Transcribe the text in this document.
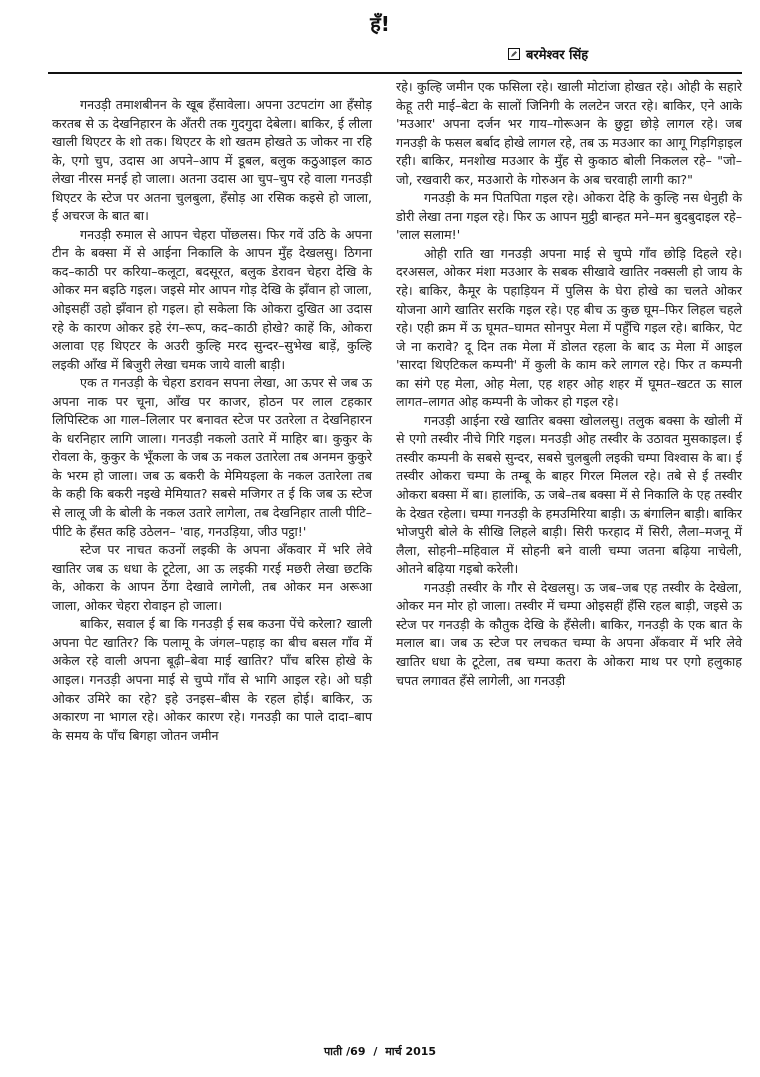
हँ!
बरमेश्वर सिंह

गनउड़ी तमाशबीनन के खूब हँसावेला। अपना उटपटांग आ हँसोड़ करतब से ऊ देखनिहारन के अँतरी तक गुदगुदा देबेला। बाकिर, ई लीला खाली थिएटर के शो तक। थिएटर के शो खतम होखते ऊ जोकर ना रहि के, एगो चुप, उदास आ अपने–आप में डूबल, बलुक कठुआइल काठ लेखा नीरस मनई हो जाला। अतना उदास आ चुप–चुप रहे वाला गनउड़ी थिएटर के स्टेज पर अतना चुलबुला, हँसोड़ आ रसिक कइसे हो जाला, ई अचरज के बात बा।

गनउड़ी रुमाल से आपन चेहरा पोंछलस। फिर गवें उठि के अपना टीन के बक्सा में से आईना निकालि के आपन मुँह देखलसु। ठिगना कद–काठी पर करिया–कलूटा, बदसूरत, बलुक डेरावन चेहरा देखि के ओकर मन बइठि गइल। जइसे मोर आपन गोड़ देखि के झँवान हो जाला, ओइसहीं उहो झँवान हो गइल। हो सकेला कि ओकरा दुखित आ उदास रहे के कारण ओकर इहे रंग–रूप, कद–काठी होखे? काहें कि, ओकरा अलावा एह थिएटर के अउरी कुल्हि मरद सुन्दर–सुभेख बाड़ें, कुल्हि लइकी आँख में बिजुरी लेखा चमक जाये वाली बाड़ी।

एक त गनउड़ी के चेहरा डरावन सपना लेखा, आ ऊपर से जब ऊ अपना नाक पर चूना, आँख पर काजर, होठन पर लाल टहकार लिपिस्टिक आ गाल–लिलार पर बनावत स्टेज पर उतरेला त देखनिहारन के धरनिहार लागि जाला। गनउड़ी नकलो उतारे में माहिर बा। कुकुर के रोवला के, कुकुर के भूँकला के जब ऊ नकल उतारेला तब अनमन कुकुरे के भरम हो जाला। जब ऊ बकरी के मेमियइला के नकल उतारेला तब के कही कि बकरी नइखे मेमियात? सबसे मजिगर त ई कि जब ऊ स्टेज से लालू जी के बोली के नकल उतारे लागेला, तब देखनिहार ताली पीटि–पीटि के हँसत कहि उठेलन– 'वाह, गनउड़िया, जीउ पट्ठा!'

स्टेज पर नाचत कउनों लइकी के अपना अँकवार में भरि लेवे खातिर जब ऊ धधा के टूटेला, आ ऊ लइकी गरई मछरी लेखा छटकि के, ओकरा के आपन ठेंगा देखावे लागेली, तब ओकर मन अरूआ जाला, ओकर चेहरा रोवाइन हो जाला।

बाकिर, सवाल ई बा कि गनउड़ी ई सब कउना पेंचे करेला? खाली अपना पेट खातिर? कि पलामू के जंगल–पहाड़ का बीच बसल गाँव में अकेल रहे वाली अपना बूढ़ी–बेवा माई खातिर? पाँच बरिस होखे के आइल। गनउड़ी अपना माई से चुप्पे गाँव से भागि आइल रहे। ओ घड़ी ओकर उमिरे का रहे? इहे उनइस–बीस के रहल होई। बाकिर, ऊ अकारण ना भागल रहे। ओकर कारण रहे। गनउड़ी का पाले दादा–बाप के समय के पाँच बिगहा जोतन जमीन

रहे। कुल्हि जमीन एक फसिला रहे। खाली मोटांजा होखत रहे। ओही के सहारे केहू तरी माई–बेटा के सालों जिनिगी के ललटेन जरत रहे। बाकिर, एने आके 'मउआर' अपना दर्जन भर गाय–गोरूअन के छुट्टा छोड़े लागल रहे। जब गनउड़ी के फसल बर्बाद होखे लागल रहे, तब ऊ मउआर का आगू गिड़गिड़ाइल रही। बाकिर, मनशोख मउआर के मुँह से कुकाठ बोली निकलल रहे– "जो–जो, रखवारी कर, मउआरो के गोरुअन के अब चरवाही लागी का?"

गनउड़ी के मन पितपिता गइल रहे। ओकरा देहि के कुल्हि नस धेनुही के डोरी लेखा तना गइल रहे। फिर ऊ आपन मुट्ठी बान्हत मने–मन बुदबुदाइल रहे– 'लाल सलाम!'

ओही राति खा गनउड़ी अपना माई से चुप्पे गाँव छोड़ि दिहले रहे। दरअसल, ओकर मंशा मउआर के सबक सीखावे खातिर नक्सली हो जाय के रहे। बाकिर, कैमूर के पहाड़ियन में पुलिस के घेरा होखे का चलते ओकर योजना आगे खातिर सरकि गइल रहे। एह बीच ऊ कुछ घूम–फिर लिहल चहले रहे। एही क्रम में ऊ घूमत–घामत सोनपुर मेला में पहुँचि गइल रहे। बाकिर, पेट जे ना करावे? दू दिन तक मेला में डोलत रहला के बाद ऊ मेला में आइल 'सारदा थिएटिकल कम्पनी' में कुली के काम करे लागल रहे। फिर त कम्पनी का संगे एह मेला, ओह मेला, एह शहर ओह शहर में घूमत–खटत ऊ साल लागत–लागत ओह कम्पनी के जोकर हो गइल रहे।

गनउड़ी आईना रखे खातिर बक्सा खोललसु। तलुक बक्सा के खोली में से एगो तस्वीर नीचे गिरि गइल। मनउड़ी ओह तस्वीर के उठावत मुसकाइल। ई तस्वीर कम्पनी के सबसे सुन्दर, सबसे चुलबुली लइकी चम्पा विश्वास के बा। ई तस्वीर ओकरा चम्पा के तम्बू के बाहर गिरल मिलल रहे। तबे से ई तस्वीर ओकरा बक्सा में बा। हालांकि, ऊ जबे–तब बक्सा में से निकालि के एह तस्वीर के देखत रहेला। चम्पा गनउड़ी के हमउमिरिया बाड़ी। ऊ बंगालिन बाड़ी। बाकिर भोजपुरी बोले के सीखि लिहले बाड़ी। सिरी फरहाद में सिरी, लैला–मजनू में लैला, सोहनी–महिवाल में सोहनी बने वाली चम्पा जतना बढ़िया नाचेली, ओतने बढ़िया गइबो करेली।

गनउड़ी तस्वीर के गौर से देखलसु। ऊ जब–जब एह तस्वीर के देखेला, ओकर मन मोर हो जाला। तस्वीर में चम्पा ओइसहीं हँसि रहल बाड़ी, जइसे ऊ स्टेज पर गनउड़ी के कौतुक देखि के हँसेली। बाकिर, गनउड़ी के एक बात के मलाल बा। जब ऊ स्टेज पर लचकत चम्पा के अपना अँकवार में भरि लेवे खातिर धधा के टूटेला, तब चम्पा कतरा के ओकरा माथ पर एगो हलुकाह चपत लगावत हँसे लागेली, आ गनउड़ी

पाती /69 / मार्च 2015
